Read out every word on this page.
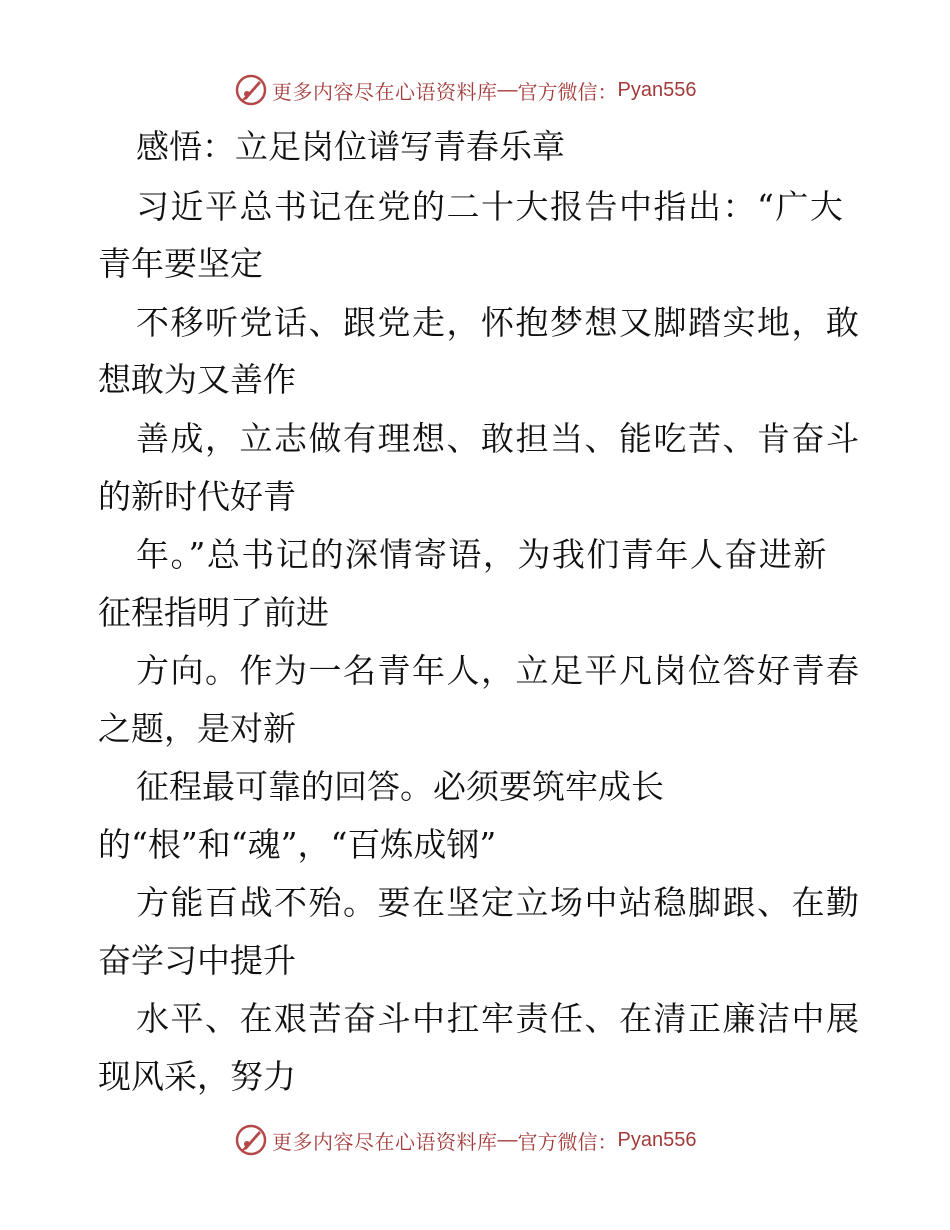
更多内容尽在心语资料库 — 官方微信： Pyan556
感悟：立足岗位谱写青春乐章
习近平总书记在党的二十大报告中指出：“广大
青年要坚定
不移听党话、跟党走，怀抱梦想又脚踏实地，敢
想敢为又善作
善成，立志做有理想、敢担当、能吃苦、肯奋斗
的新时代好青
年。”总书记的深情寄语，为我们青年人奋进新
征程指明了前进
方向。作为一名青年人，立足平凡岗位答好青春
之题，是对新
征程最可靠的回答。必须要筑牢成长
的“根”和“魂”，“百炼成钢”
方能百战不殆。要在坚定立场中站稳脚跟、在勤
奋学习中提升
水平、在艰苦奋斗中扛牢责任、在清正廉洁中展
现风采，努力
更多内容尽在心语资料库 — 官方微信： Pyan556
